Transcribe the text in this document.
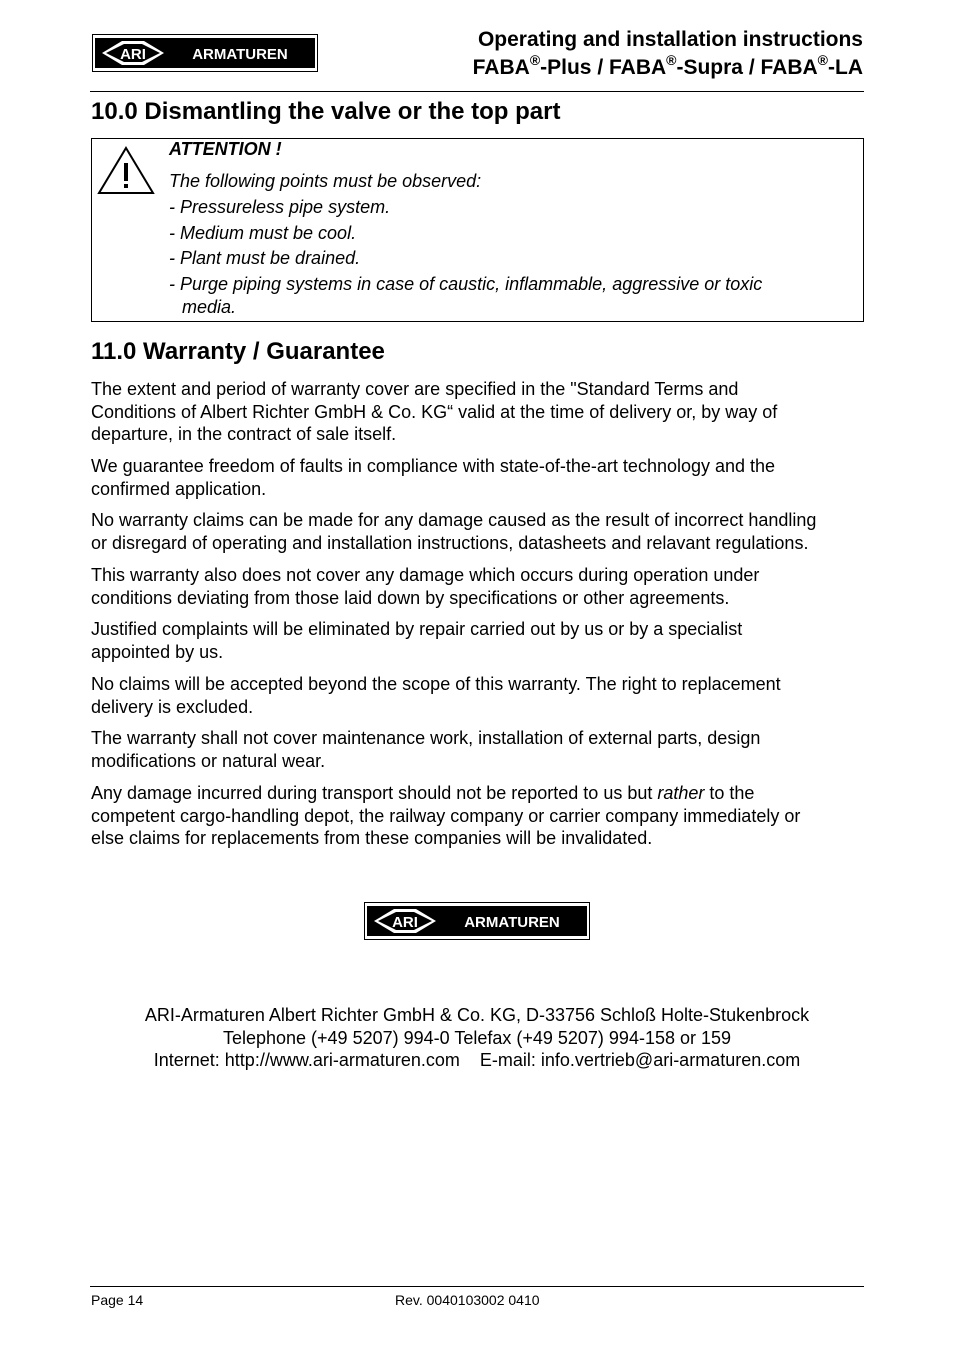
ARI	ARMATUREN
Operating and installation instructions
FABA®-Plus / FABA®-Supra / FABA®-LA
10.0 Dismantling the valve or the top part
ATTENTION !
The following points must be observed:
- Pressureless pipe system.
- Medium must be cool.
- Plant must be drained.
- Purge piping systems in case of caustic, inflammable, aggressive or toxic
media.
11.0 Warranty / Guarantee
The extent and period of warranty cover are specified in the "Standard Terms and
Conditions of Albert Richter GmbH & Co. KG“ valid at the time of delivery or, by way of
departure, in the contract of sale itself.
We guarantee freedom of faults in compliance with state-of-the-art technology and the
confirmed application.
No warranty claims can be made for any damage caused as the result of incorrect handling
or disregard of operating and installation instructions, datasheets and relavant regulations.
This warranty also does not cover any damage which occurs during operation under
conditions deviating from those laid down by specifications or other agreements.
Justified complaints will be eliminated by repair carried out by us or by a specialist
appointed by us.
No claims will be accepted beyond the scope of this warranty. The right to replacement
delivery is excluded.
The warranty shall not cover maintenance work, installation of external parts, design
modifications or natural wear.
Any damage incurred during transport should not be reported to us but rather to the
competent cargo-handling depot, the railway company or carrier company immediately or
else claims for replacements from these companies will be invalidated.
ARI	ARMATUREN
ARI-Armaturen Albert Richter GmbH & Co. KG, D-33756 Schloß Holte-Stukenbrock
Telephone (+49 5207) 994-0 Telefax (+49 5207) 994-158 or 159
Internet: http://www.ari-armaturen.com    E-mail: info.vertrieb@ari-armaturen.com
Page 14	Rev. 0040103002 0410
